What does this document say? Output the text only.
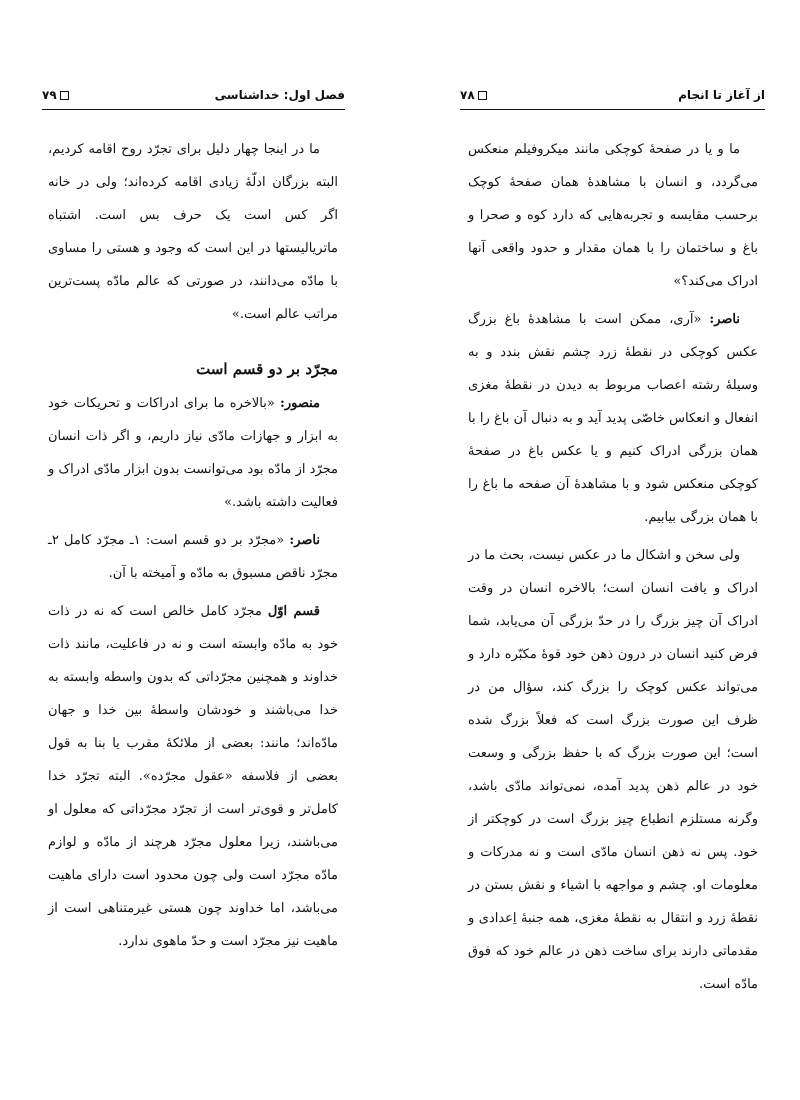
فصل اول: خداشناسی
۷۹

ما در اینجا چهار دلیل برای تجرّد روح اقامه کردیم، البته بزرگان ادلّهٔ زیادی اقامه کرده‌اند؛ ولی در خانه اگر کس است یک حرف بس است. اشتباه ماتریالیستها در این است که وجود و هستی را مساوی با مادّه می‌دانند، در صورتی که عالم مادّه پست‌ترین مراتب عالم است.»

مجرّد بر دو قسم است

منصور: «بالاخره ما برای ادراکات و تحریکات خود به ابزار و جهازات مادّی نیاز داریم، و اگر ذات انسان مجرّد از مادّه بود می‌توانست بدون ابزار مادّی ادراک و فعالیت داشته باشد.»

ناصر: «مجرّد بر دو قسم است: ۱ـ مجرّد کامل ۲ـ مجرّد ناقص مسبوق به مادّه و آمیخته با آن.

قسم اوّل مجرّد کامل خالص است که نه در ذات خود به مادّه وابسته است و نه در فاعلیت، مانند ذات خداوند و همچنین مجرّداتی که بدون واسطه وابسته به خدا می‌باشند و خودشان واسطهٔ بین خدا و جهان مادّه‌اند؛ مانند: بعضی از ملائکهٔ مقرب یا بنا به قول بعضی از فلاسفه «عقول مجرّده». البته تجرّد خدا کامل‌تر و قوی‌تر است از تجرّد مجرّداتی که معلول او می‌باشند، زیرا معلول مجرّد هرچند از مادّه و لوازم مادّه مجرّد است ولی چون محدود است دارای ماهیت می‌باشد، اما خداوند چون هستی غیرمتناهی است از ماهیت نیز مجرّد است و حدّ ماهوی ندارد.

از آغاز تا انجام
۷۸

ما و یا در صفحهٔ کوچکی مانند میکروفیلم منعکس می‌گردد، و انسان با مشاهدهٔ همان صفحهٔ کوچک برحسب مقایسه و تجربه‌هایی که دارد کوه و صحرا و باغ و ساختمان را با همان مقدار و حدود واقعی آنها ادراک می‌کند؟»

ناصر: «آری، ممکن است با مشاهدهٔ باغ بزرگ عکس کوچکی در نقطهٔ زرد چشم نقش بندد و به وسیلهٔ رشته اعصاب مربوط به دیدن در نقطهٔ مغزی انفعال و انعکاس خاصّی پدید آید و به دنبال آن باغ را با همان بزرگی ادراک کنیم و یا عکس باغ در صفحهٔ کوچکی منعکس شود و با مشاهدهٔ آن صفحه ما باغ را با همان بزرگی بیابیم.

ولی سخن و اشکال ما در عکس نیست، بحث ما در ادراک و یافت انسان است؛ بالاخره انسان در وقت ادراک آن چیز بزرگ را در حدّ بزرگی آن می‌یابد، شما فرض کنید انسان در درون ذهن خود قوهٔ مکبّره دارد و می‌تواند عکس کوچک را بزرگ کند، سؤال من در ظرف این صورت بزرگ است که فعلاً بزرگ شده است؛ این صورت بزرگ که با حفظ بزرگی و وسعت خود در عالم ذهن پدید آمده، نمی‌تواند مادّی باشد، وگرنه مستلزم انطباع چیز بزرگ است در کوچکتر از خود. پس نه ذهن انسان مادّی است و نه مدرکات و معلومات او. چشم و مواجهه با اشیاء و نقش بستن در نقطهٔ زرد و انتقال به نقطهٔ مغزی، همه جنبهٔ اِعدادی و مقدماتی دارند برای ساخت ذهن در عالم خود که فوق مادّه است.
